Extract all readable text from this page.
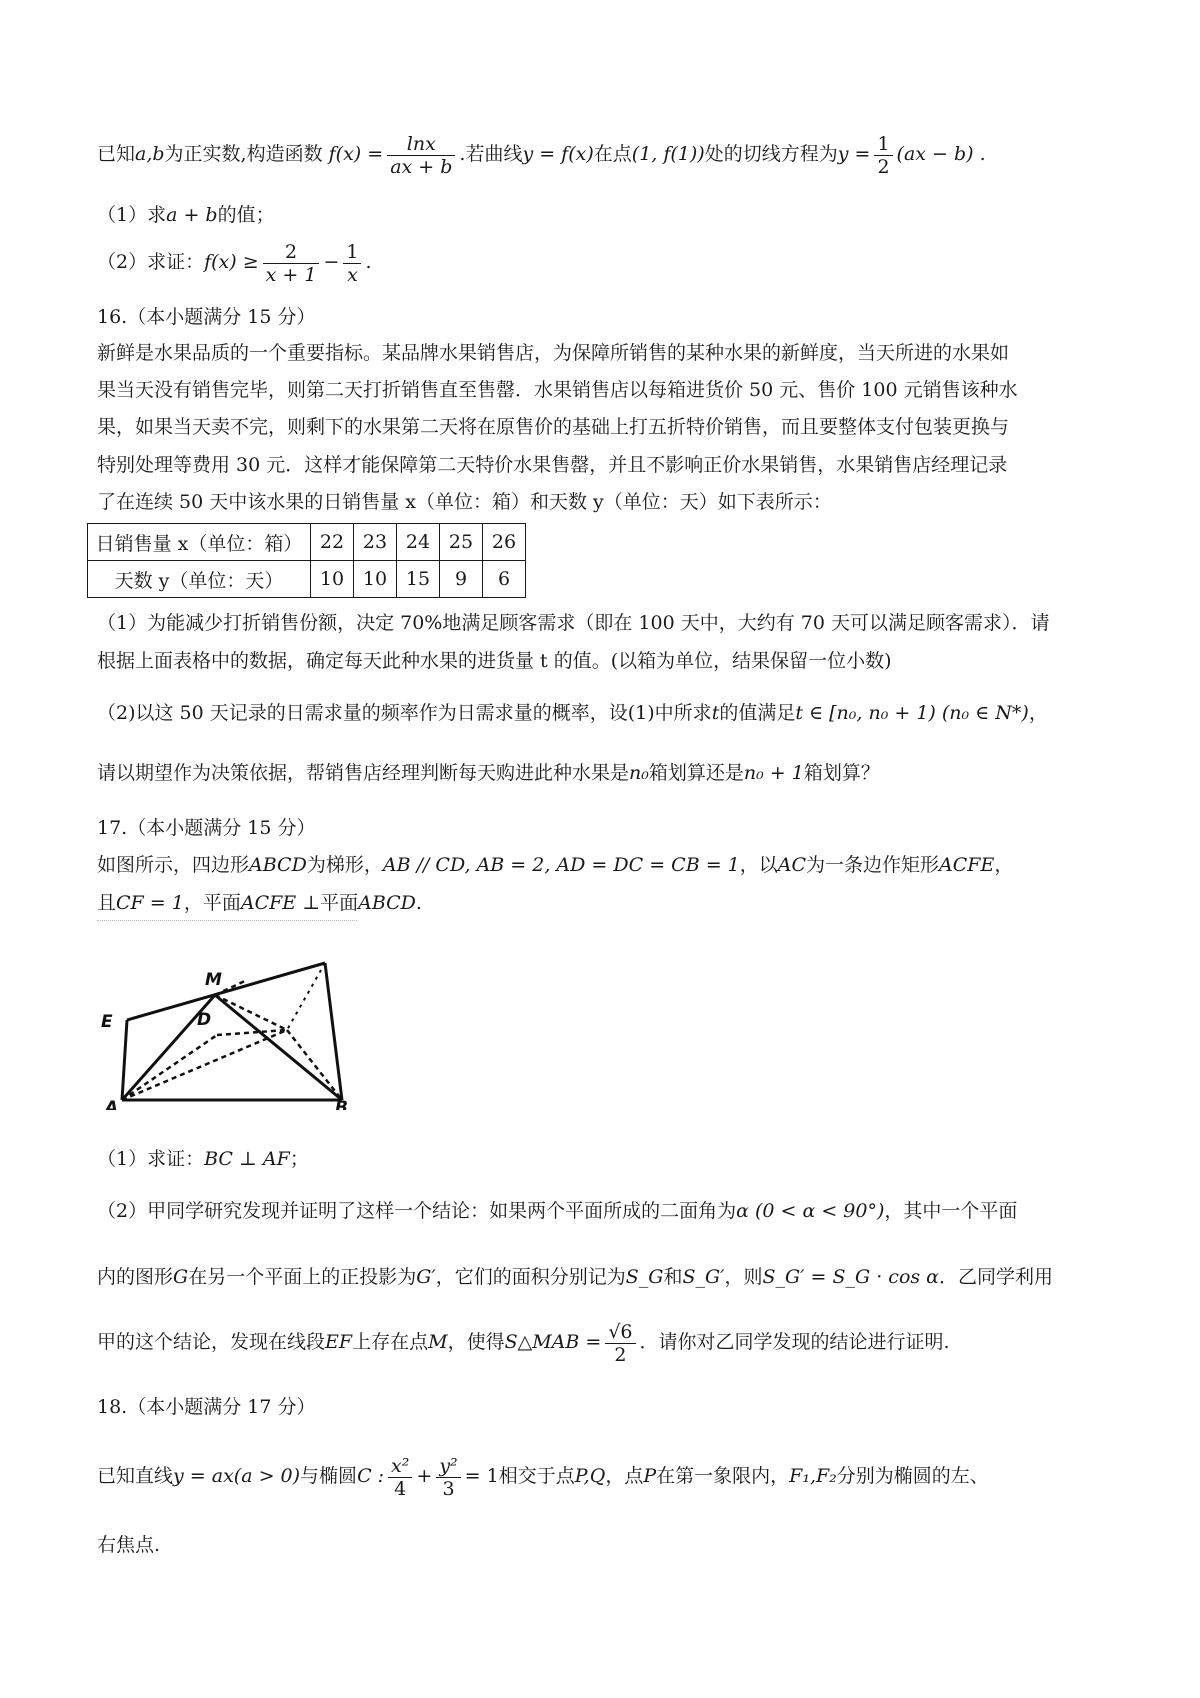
已知a,b为正实数,构造函数 $f(x) = \frac{\ln x}{ax + b}$ .若曲线y = f(x)在点(1, f(1))处的切线方程为$y = \frac{1}{2} (ax - b)$ .
（1）求a + b的值；
（2）求证：$f(x) \ge \frac{2}{x + 1} - \frac{1}{x}$ .
16.（本小题满分 15 分）
新鲜是水果品质的一个重要指标。某品牌水果销售店，为保障所销售的某种水果的新鲜度，当天所进的水果如
果当天没有销售完毕，则第二天打折销售直至售罄．水果销售店以每箱进货价 50 元、售价 100 元销售该种水
果，如果当天卖不完，则剩下的水果第二天将在原售价的基础上打五折特价销售，而且要整体支付包装更换与
特别处理等费用 30 元．这样才能保障第二天特价水果售罄，并且不影响正价水果销售，水果销售店经理记录
了在连续 50 天中该水果的日销售量 x（单位：箱）和天数 y（单位：天）如下表所示：
日销售量 x（单位：箱）	22	23	24	25	26
天数 y（单位：天）	10	10	15	9	6
（1）为能减少打折销售份额，决定 70%地满足顾客需求（即在 100 天中，大约有 70 天可以满足顾客需求）．请
根据上面表格中的数据，确定每天此种水果的进货量 t 的值。(以箱为单位，结果保留一位小数)
（2)以这 50 天记录的日需求量的频率作为日需求量的概率，设(1)中所求t的值满足t ∈ [n₀, n₀ + 1) (n₀ ∈ N*)，
请以期望作为决策依据，帮销售店经理判断每天购进此种水果是n₀箱划算还是n₀ + 1箱划算？
17.（本小题满分 15 分）
如图所示，四边形ABCD为梯形，AB // CD, AB = 2, AD = DC = CB = 1，以AC为一条边作矩形ACFE，
且CF = 1，平面ACFE ⊥平面ABCD.
E
M
D
A	B
（1）求证：BC ⊥ AF；
（2）甲同学研究发现并证明了这样一个结论：如果两个平面所成的二面角为α (0 < α < 90°)，其中一个平面
内的图形G在另一个平面上的正投影为G′，它们的面积分别记为S_G和S_G′，则S_G′ = S_G · cos α．乙同学利用
甲的这个结论，发现在线段EF上存在点M，使得S△MAB = $\frac{√6}{2}$ ．请你对乙同学发现的结论进行证明.
18.（本小题满分 17 分）
已知直线y = ax(a > 0)与椭圆C : $\frac{\text{x²}}{4} + \frac{\text{y²}}{3} = 1$相交于点P,Q，点P在第一象限内，F₁,F₂分别为椭圆的左、
右焦点.
